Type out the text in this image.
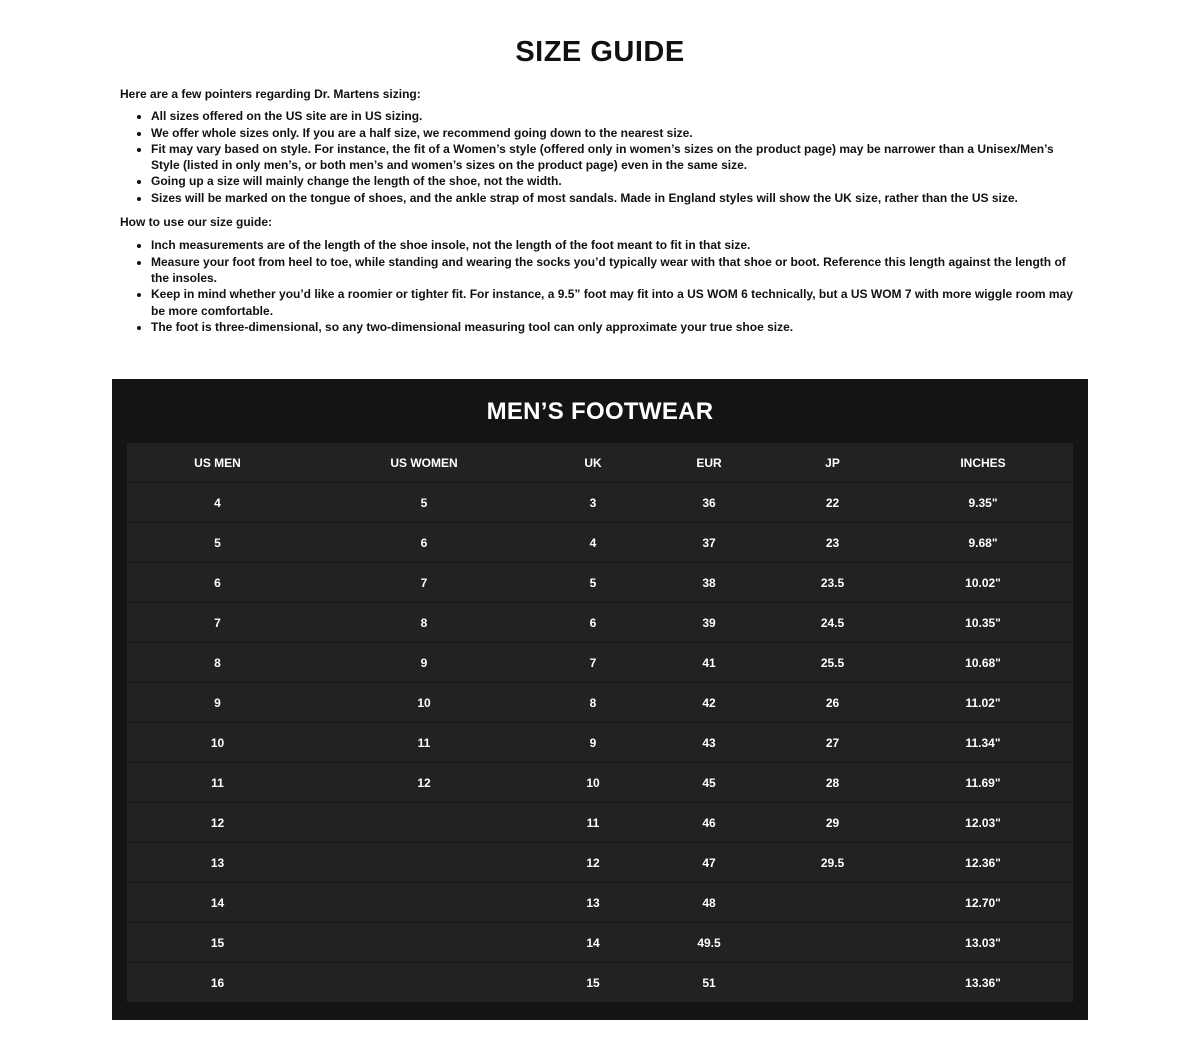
SIZE GUIDE

Here are a few pointers regarding Dr. Martens sizing:

• All sizes offered on the US site are in US sizing.
• We offer whole sizes only. If you are a half size, we recommend going down to the nearest size.
• Fit may vary based on style. For instance, the fit of a Women’s style (offered only in women’s sizes on the product page) may be narrower than a Unisex/Men’s Style (listed in only men’s, or both men’s and women’s sizes on the product page) even in the same size.
• Going up a size will mainly change the length of the shoe, not the width.
• Sizes will be marked on the tongue of shoes, and the ankle strap of most sandals. Made in England styles will show the UK size, rather than the US size.

How to use our size guide:

• Inch measurements are of the length of the shoe insole, not the length of the foot meant to fit in that size.
• Measure your foot from heel to toe, while standing and wearing the socks you’d typically wear with that shoe or boot. Reference this length against the length of the insoles.
• Keep in mind whether you’d like a roomier or tighter fit. For instance, a 9.5” foot may fit into a US WOM 6 technically, but a US WOM 7 with more wiggle room may be more comfortable.
• The foot is three-dimensional, so any two-dimensional measuring tool can only approximate your true shoe size.
MEN’S FOOTWEAR
US MEN	US WOMEN	UK	EUR	JP	INCHES
4	5	3	36	22	9.35"
5	6	4	37	23	9.68"
6	7	5	38	23.5	10.02"
7	8	6	39	24.5	10.35"
8	9	7	41	25.5	10.68"
9	10	8	42	26	11.02"
10	11	9	43	27	11.34"
11	12	10	45	28	11.69"
12		11	46	29	12.03"
13		12	47	29.5	12.36"
14		13	48		12.70"
15		14	49.5		13.03"
16		15	51		13.36"
